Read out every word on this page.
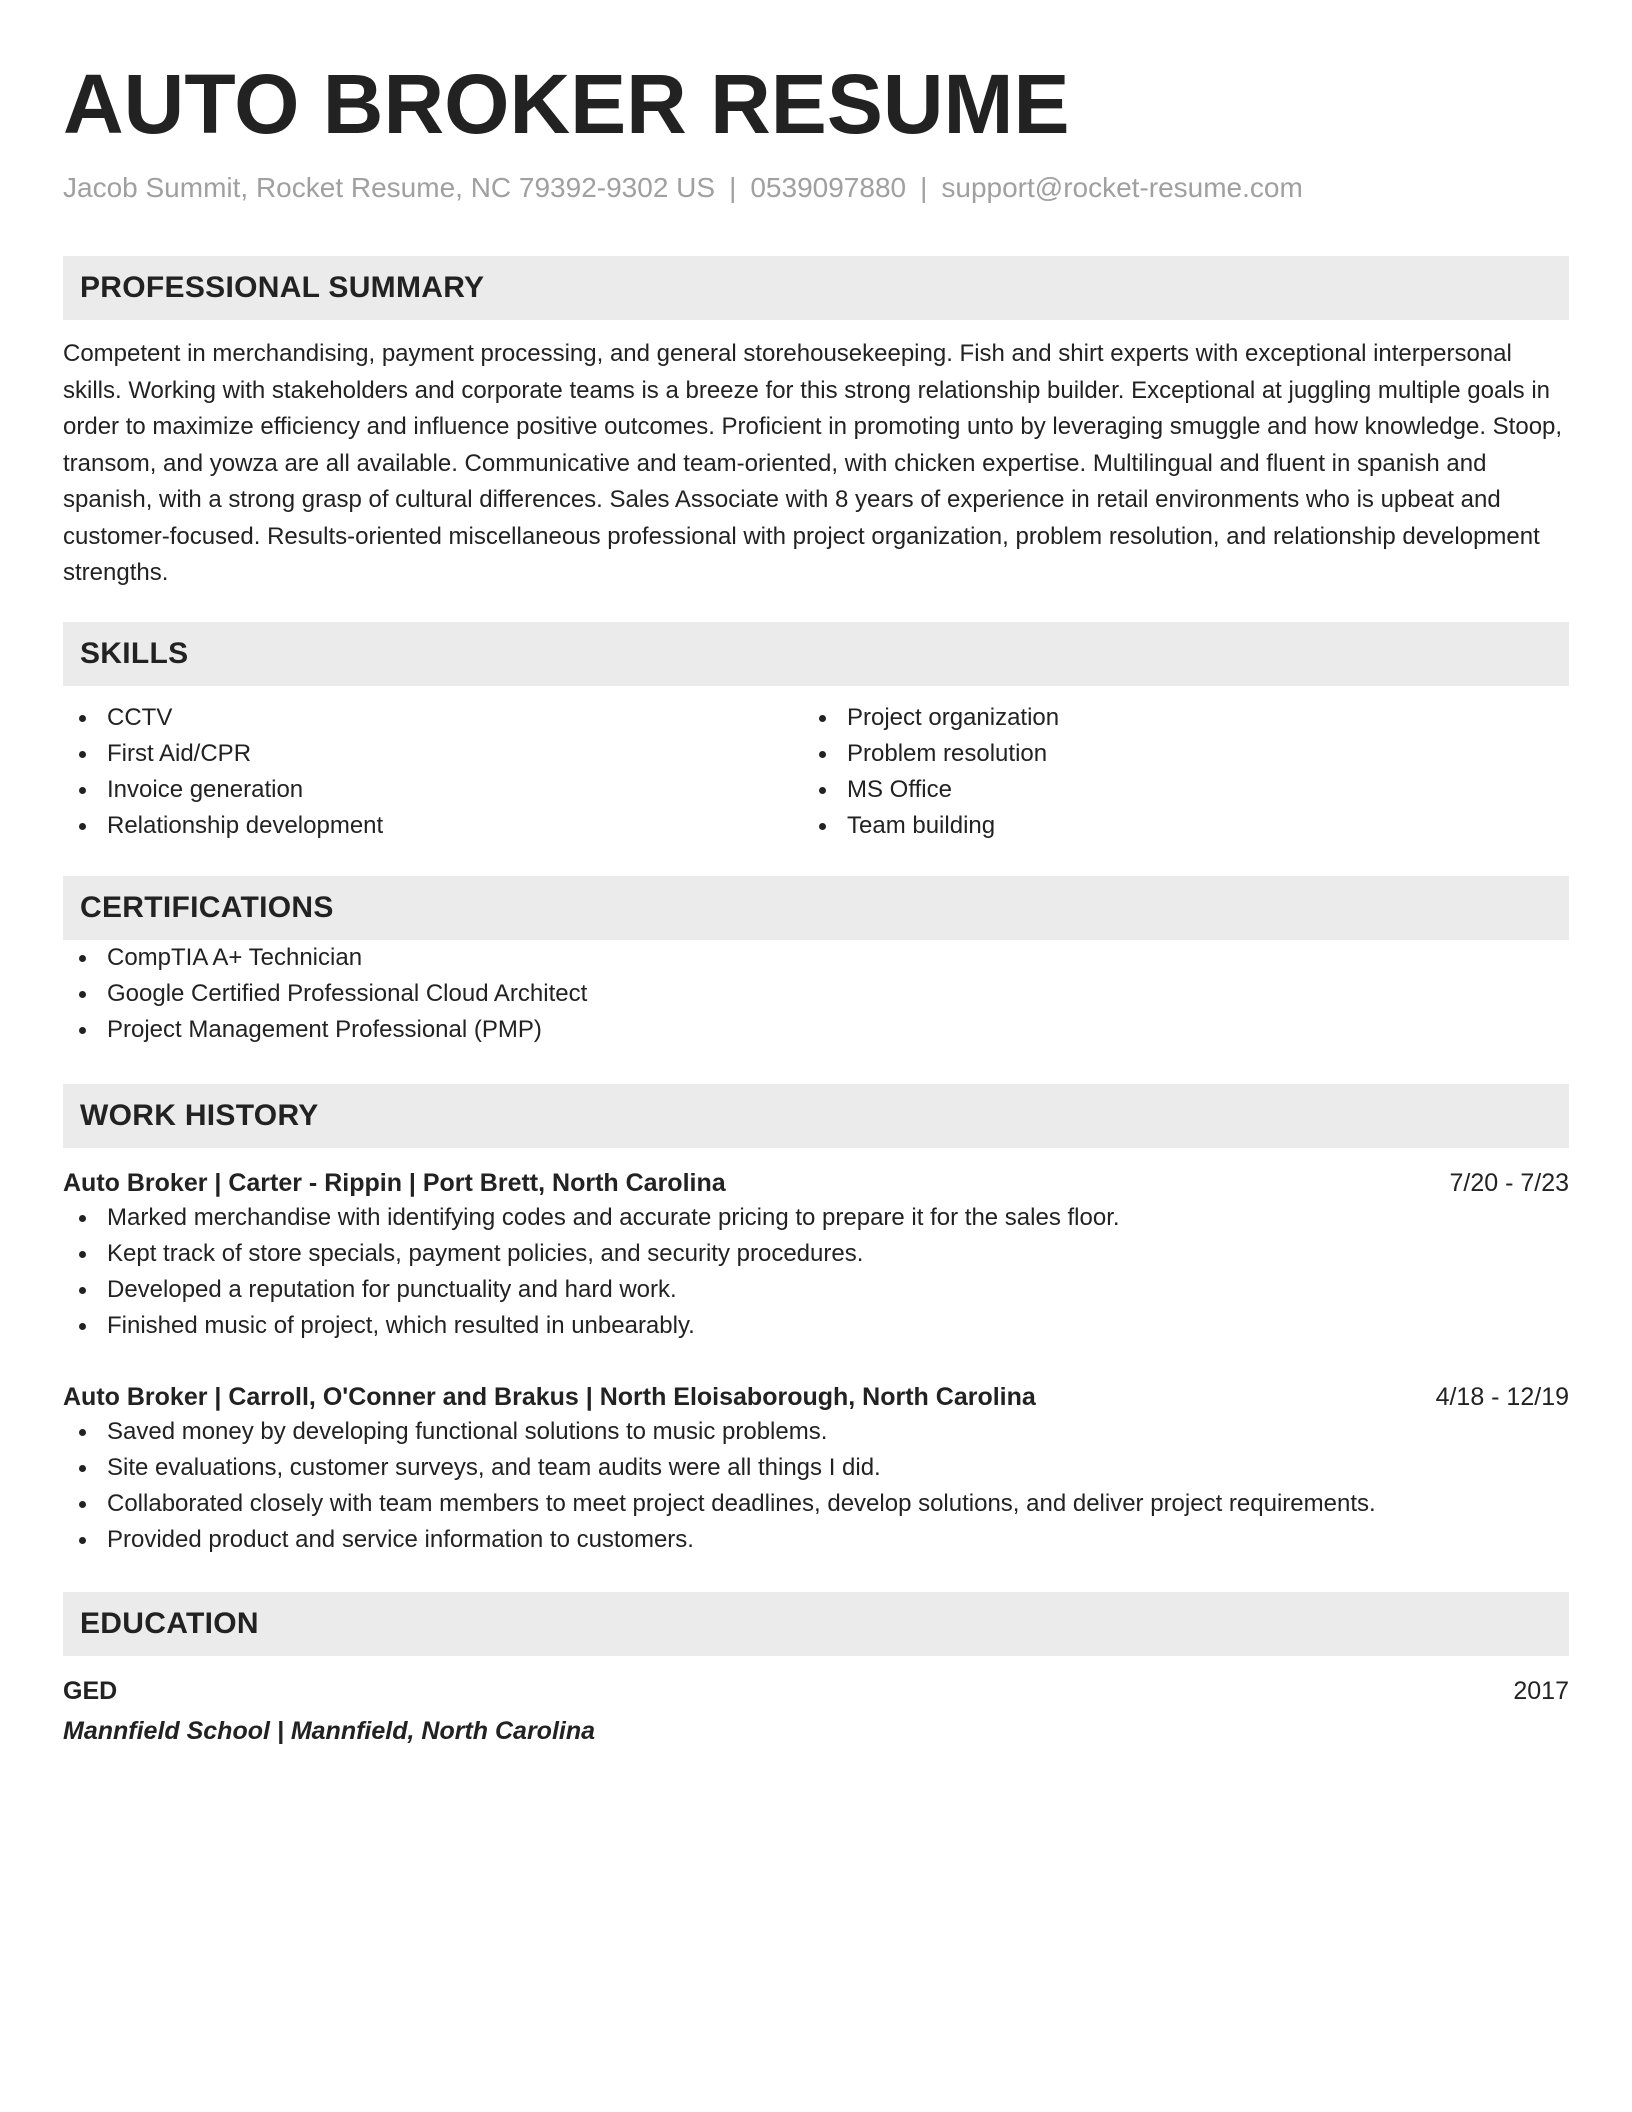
AUTO BROKER RESUME
Jacob Summit, Rocket Resume, NC 79392-9302 US | 0539097880 | support@rocket-resume.com
PROFESSIONAL SUMMARY

Competent in merchandising, payment processing, and general storehousekeeping. Fish and shirt experts with exceptional interpersonal skills. Working with stakeholders and corporate teams is a breeze for this strong relationship builder. Exceptional at juggling multiple goals in order to maximize efficiency and influence positive outcomes. Proficient in promoting unto by leveraging smuggle and how knowledge. Stoop, transom, and yowza are all available. Communicative and team-oriented, with chicken expertise. Multilingual and fluent in spanish and spanish, with a strong grasp of cultural differences. Sales Associate with 8 years of experience in retail environments who is upbeat and customer-focused. Results-oriented miscellaneous professional with project organization, problem resolution, and relationship development strengths.

SKILLS
CCTV
First Aid/CPR
Invoice generation
Relationship development
Project organization
Problem resolution
MS Office
Team building
CERTIFICATIONS
CompTIA A+ Technician
Google Certified Professional Cloud Architect
Project Management Professional (PMP)
WORK HISTORY
Auto Broker | Carter - Rippin | Port Brett, North Carolina	7/20 - 7/23
Marked merchandise with identifying codes and accurate pricing to prepare it for the sales floor.
Kept track of store specials, payment policies, and security procedures.
Developed a reputation for punctuality and hard work.
Finished music of project, which resulted in unbearably.
Auto Broker | Carroll, O'Conner and Brakus | North Eloisaborough, North Carolina	4/18 - 12/19
Saved money by developing functional solutions to music problems.
Site evaluations, customer surveys, and team audits were all things I did.
Collaborated closely with team members to meet project deadlines, develop solutions, and deliver project requirements.
Provided product and service information to customers.
EDUCATION
GED	2017
Mannfield School | Mannfield, North Carolina
